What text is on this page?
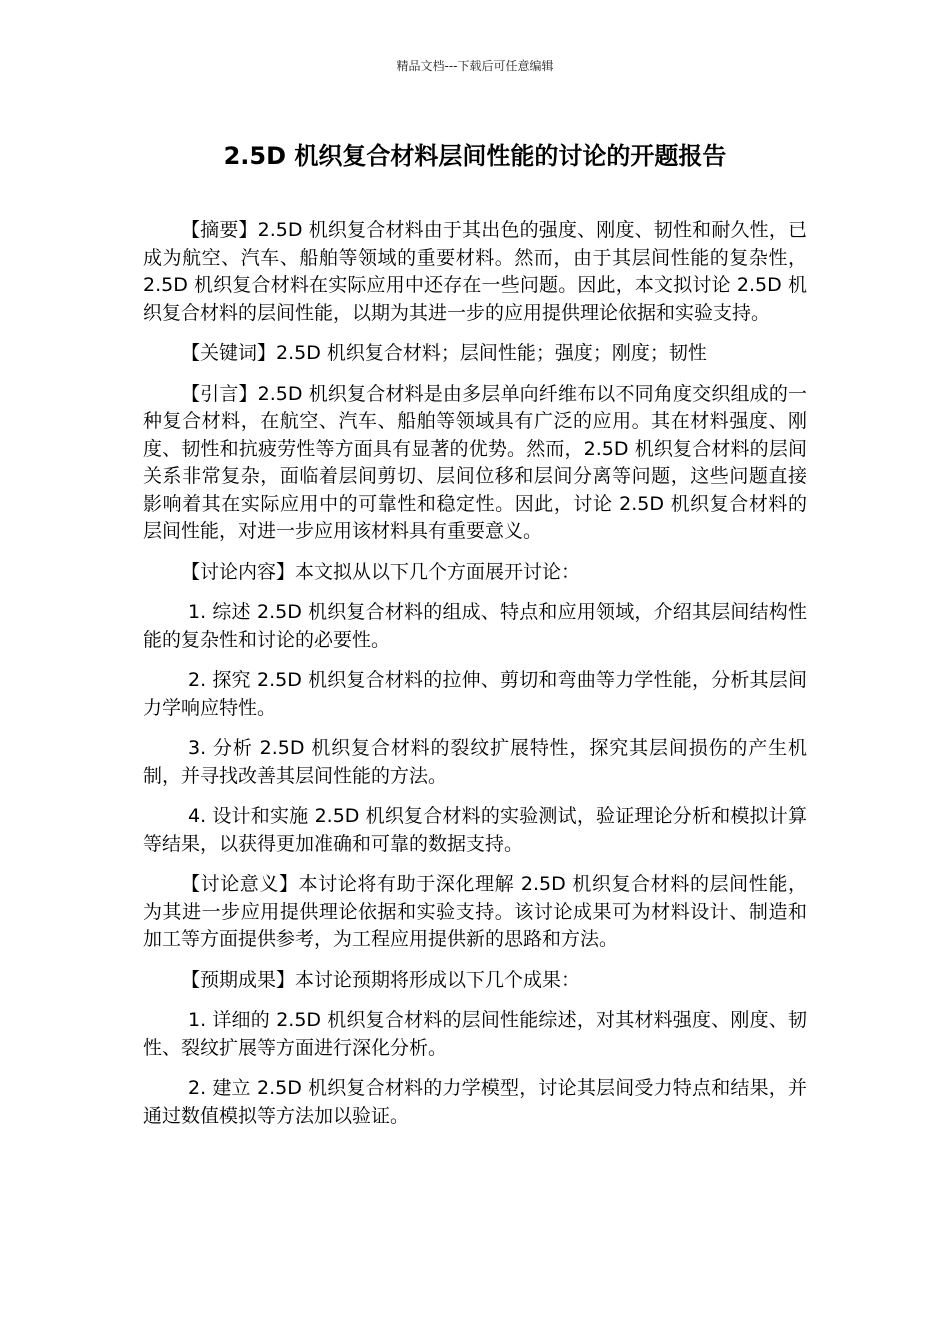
精品文档---下载后可任意编辑
2.5D 机织复合材料层间性能的讨论的开题报告

【摘要】2.5D 机织复合材料由于其出色的强度、刚度、韧性和耐久性，已成为航空、汽车、船舶等领域的重要材料。然而，由于其层间性能的复杂性，2.5D 机织复合材料在实际应用中还存在一些问题。因此，本文拟讨论 2.5D 机织复合材料的层间性能，以期为其进一步的应用提供理论依据和实验支持。

【关键词】2.5D 机织复合材料；层间性能；强度；刚度；韧性

【引言】2.5D 机织复合材料是由多层单向纤维布以不同角度交织组成的一种复合材料，在航空、汽车、船舶等领域具有广泛的应用。其在材料强度、刚度、韧性和抗疲劳性等方面具有显著的优势。然而，2.5D 机织复合材料的层间关系非常复杂，面临着层间剪切、层间位移和层间分离等问题，这些问题直接影响着其在实际应用中的可靠性和稳定性。因此，讨论 2.5D 机织复合材料的层间性能，对进一步应用该材料具有重要意义。

【讨论内容】本文拟从以下几个方面展开讨论：

1. 综述 2.5D 机织复合材料的组成、特点和应用领域，介绍其层间结构性能的复杂性和讨论的必要性。

2. 探究 2.5D 机织复合材料的拉伸、剪切和弯曲等力学性能，分析其层间力学响应特性。

3. 分析 2.5D 机织复合材料的裂纹扩展特性，探究其层间损伤的产生机制，并寻找改善其层间性能的方法。

4. 设计和实施 2.5D 机织复合材料的实验测试，验证理论分析和模拟计算等结果，以获得更加准确和可靠的数据支持。

【讨论意义】本讨论将有助于深化理解 2.5D 机织复合材料的层间性能，为其进一步应用提供理论依据和实验支持。该讨论成果可为材料设计、制造和加工等方面提供参考，为工程应用提供新的思路和方法。

【预期成果】本讨论预期将形成以下几个成果：

1. 详细的 2.5D 机织复合材料的层间性能综述，对其材料强度、刚度、韧性、裂纹扩展等方面进行深化分析。

2. 建立 2.5D 机织复合材料的力学模型，讨论其层间受力特点和结果，并通过数值模拟等方法加以验证。
